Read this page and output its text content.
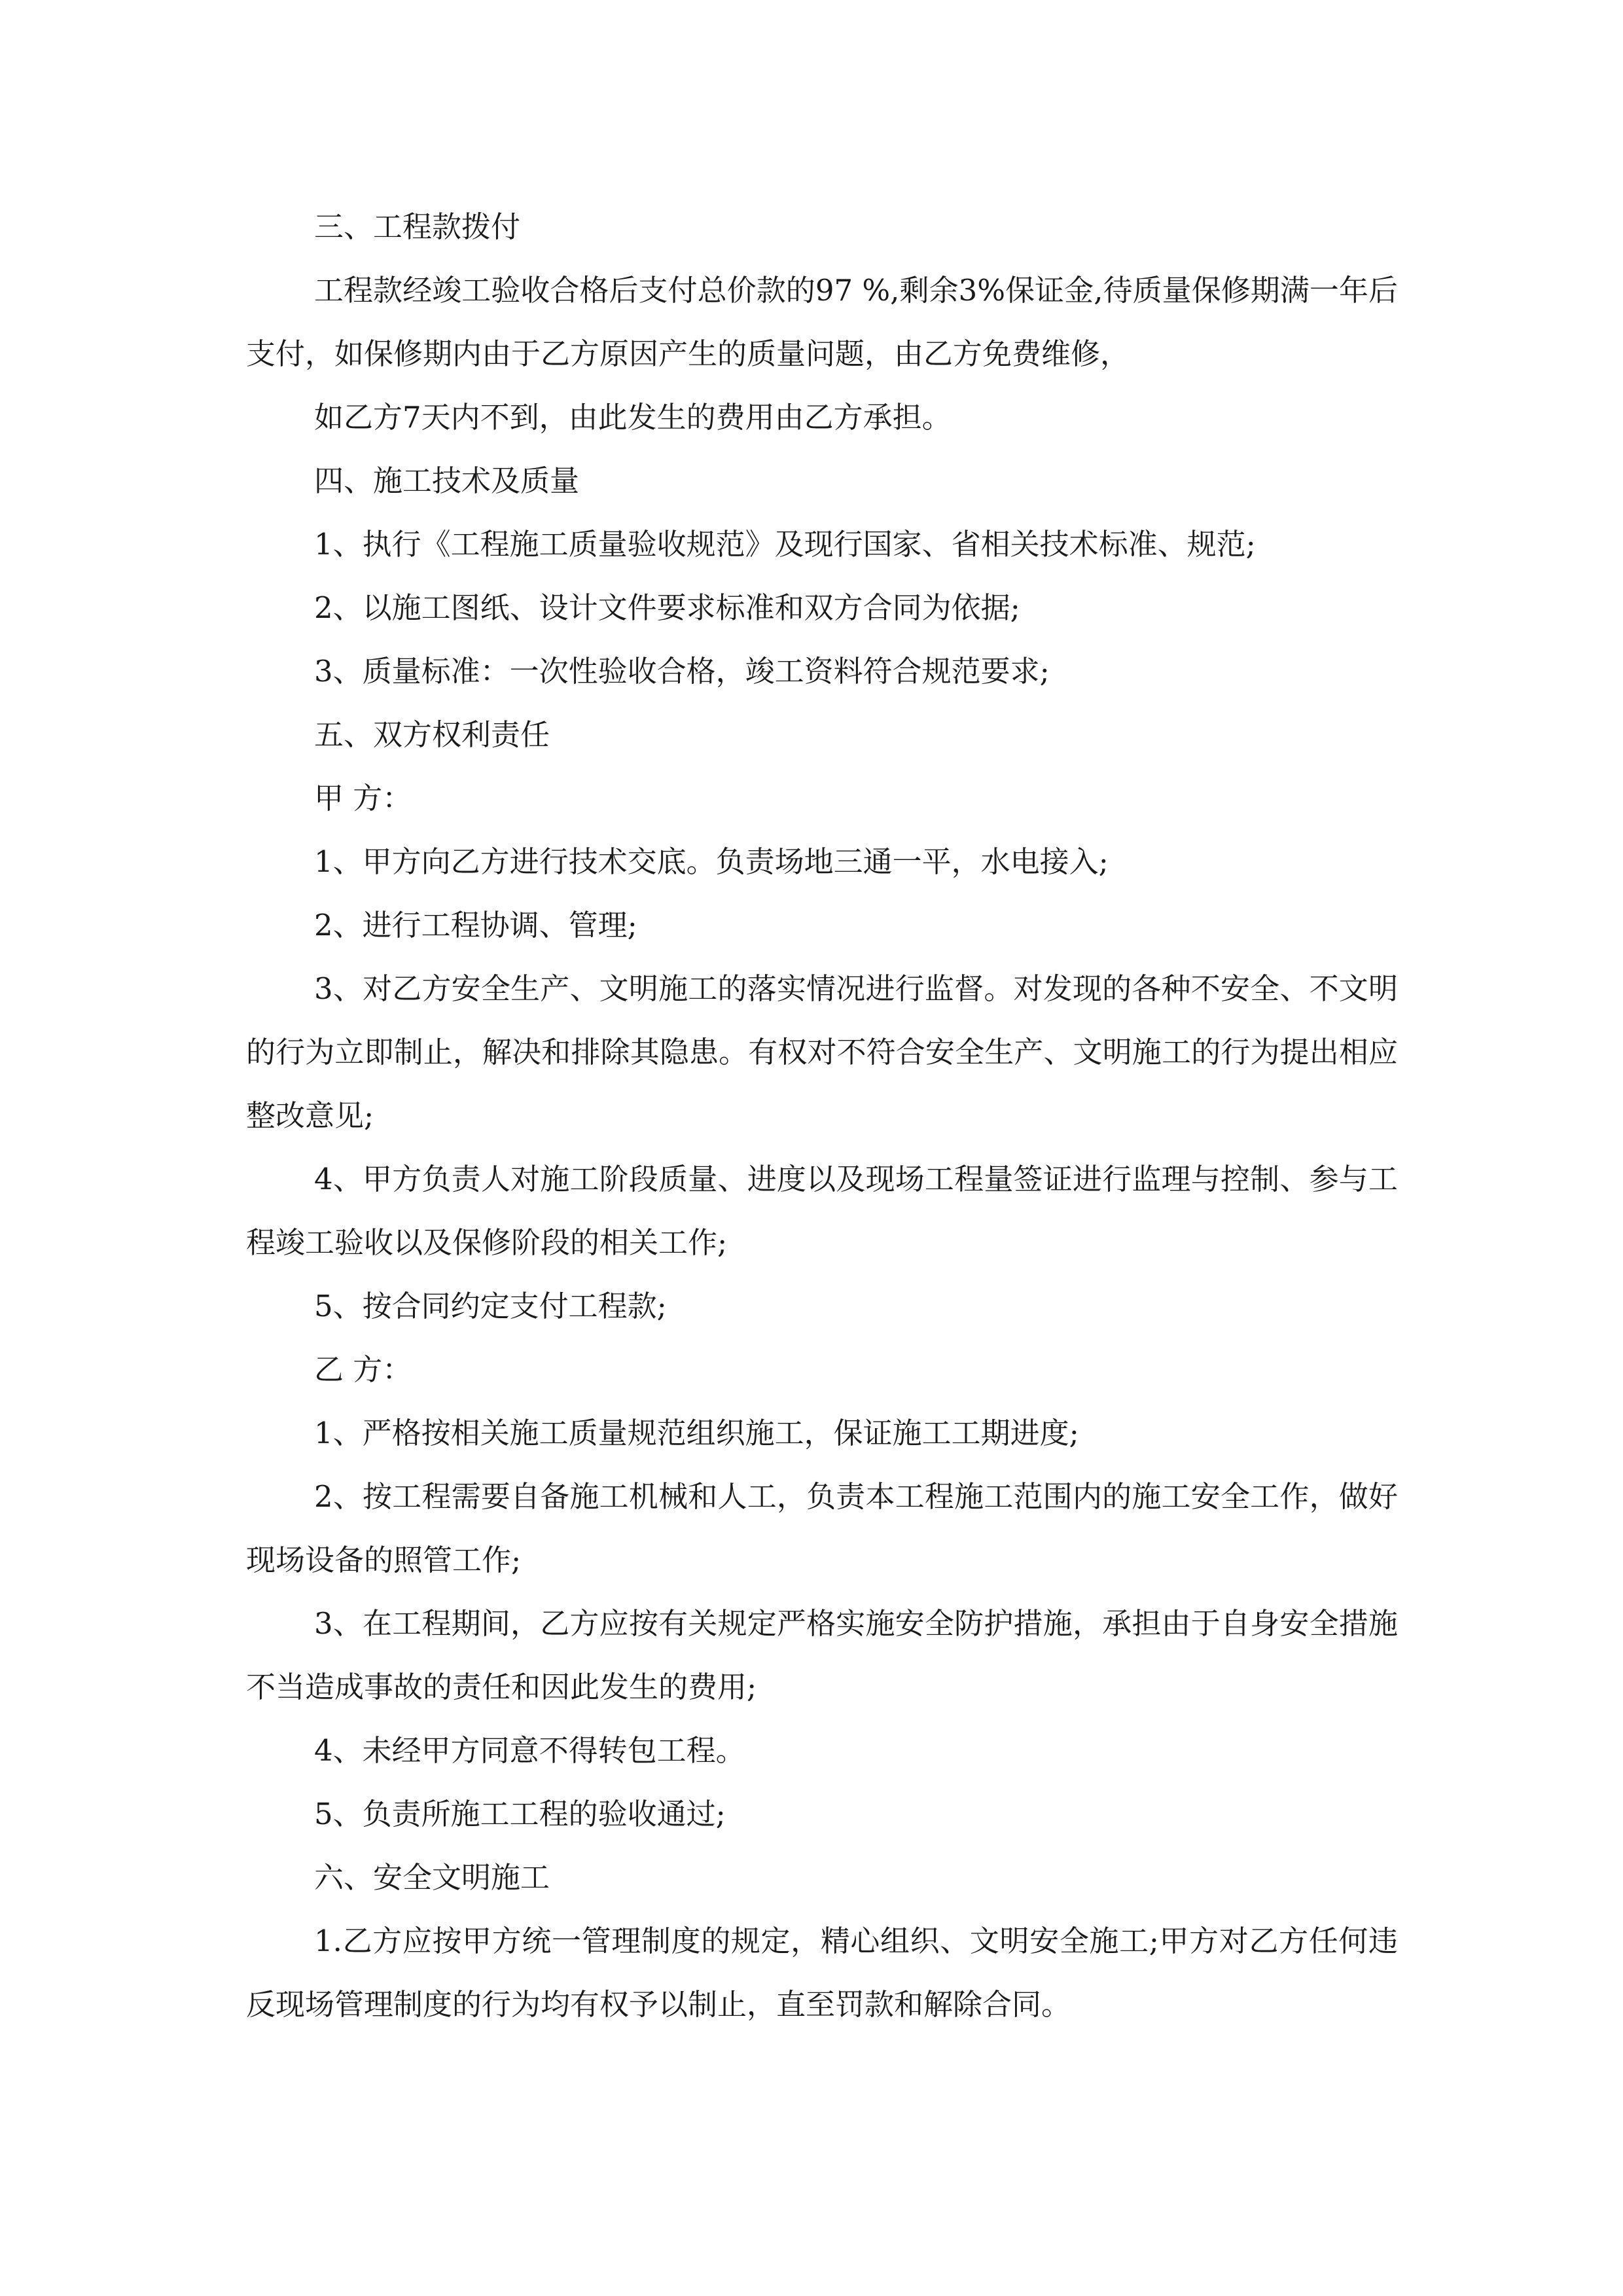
三、工程款拨付

工程款经竣工验收合格后支付总价款的97 %,剩余3%保证金,待质量保修期满一年后支付，如保修期内由于乙方原因产生的质量问题，由乙方免费维修，

如乙方7天内不到，由此发生的费用由乙方承担。

四、施工技术及质量

1、执行《工程施工质量验收规范》及现行国家、省相关技术标准、规范;

2、以施工图纸、设计文件要求标准和双方合同为依据;

3、质量标准：一次性验收合格，竣工资料符合规范要求;

五、双方权利责任

甲 方：

1、甲方向乙方进行技术交底。负责场地三通一平，水电接入;

2、进行工程协调、管理;

3、对乙方安全生产、文明施工的落实情况进行监督。对发现的各种不安全、不文明的行为立即制止，解决和排除其隐患。有权对不符合安全生产、文明施工的行为提出相应整改意见;

4、甲方负责人对施工阶段质量、进度以及现场工程量签证进行监理与控制、参与工程竣工验收以及保修阶段的相关工作;

5、按合同约定支付工程款;

乙 方：

1、严格按相关施工质量规范组织施工，保证施工工期进度;

2、按工程需要自备施工机械和人工，负责本工程施工范围内的施工安全工作，做好现场设备的照管工作;

3、在工程期间，乙方应按有关规定严格实施安全防护措施，承担由于自身安全措施不当造成事故的责任和因此发生的费用;

4、未经甲方同意不得转包工程。

5、负责所施工工程的验收通过;

六、安全文明施工

1.乙方应按甲方统一管理制度的规定，精心组织、文明安全施工;甲方对乙方任何违反现场管理制度的行为均有权予以制止，直至罚款和解除合同。
